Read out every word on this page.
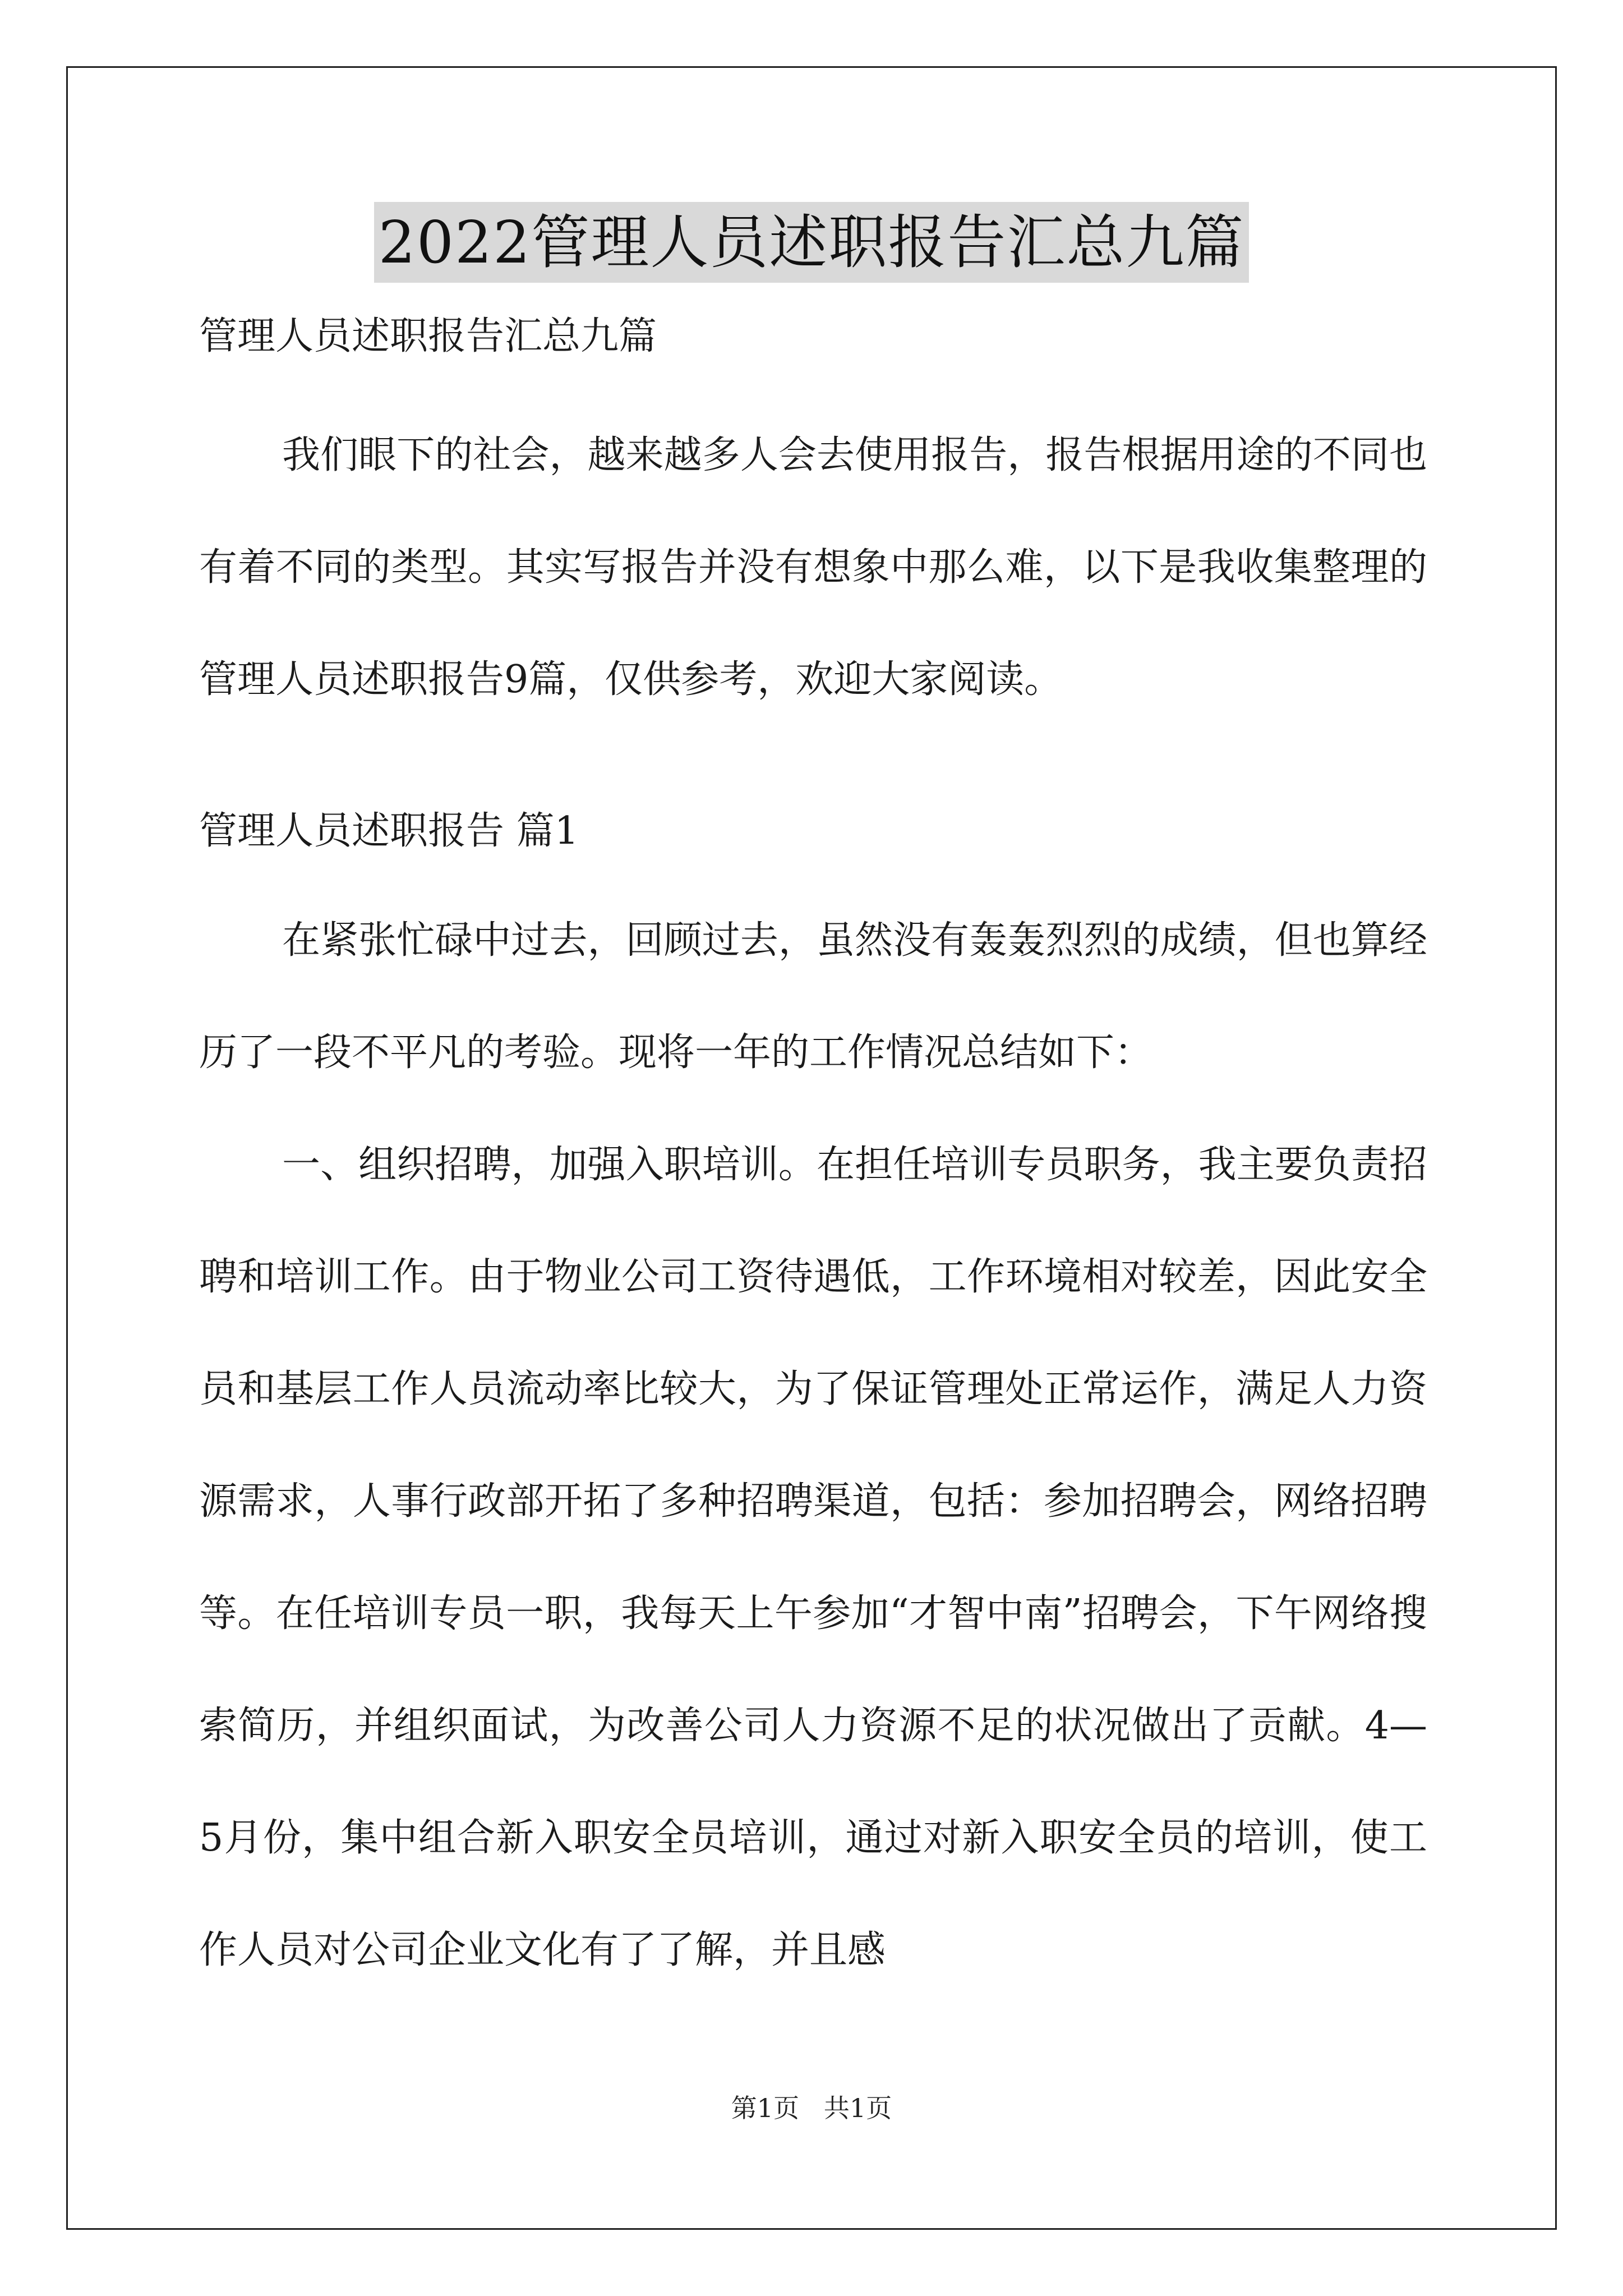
2022管理人员述职报告汇总九篇

管理人员述职报告汇总九篇

我们眼下的社会，越来越多人会去使用报告，报告根据用途的不同也有着不同的类型。其实写报告并没有想象中那么难，以下是我收集整理的管理人员述职报告9篇，仅供参考，欢迎大家阅读。

管理人员述职报告 篇1

在紧张忙碌中过去，回顾过去，虽然没有轰轰烈烈的成绩，但也算经历了一段不平凡的考验。现将一年的工作情况总结如下：

一、组织招聘，加强入职培训。在担任培训专员职务，我主要负责招聘和培训工作。由于物业公司工资待遇低，工作环境相对较差，因此安全员和基层工作人员流动率比较大，为了保证管理处正常运作，满足人力资源需求，人事行政部开拓了多种招聘渠道，包括：参加招聘会，网络招聘等。在任培训专员一职，我每天上午参加“才智中南”招聘会，下午网络搜索简历，并组织面试，为改善公司人力资源不足的状况做出了贡献。4—5月份，集中组合新入职安全员培训，通过对新入职安全员的培训，使工作人员对公司企业文化有了了解，并且感

第1页   共1页
